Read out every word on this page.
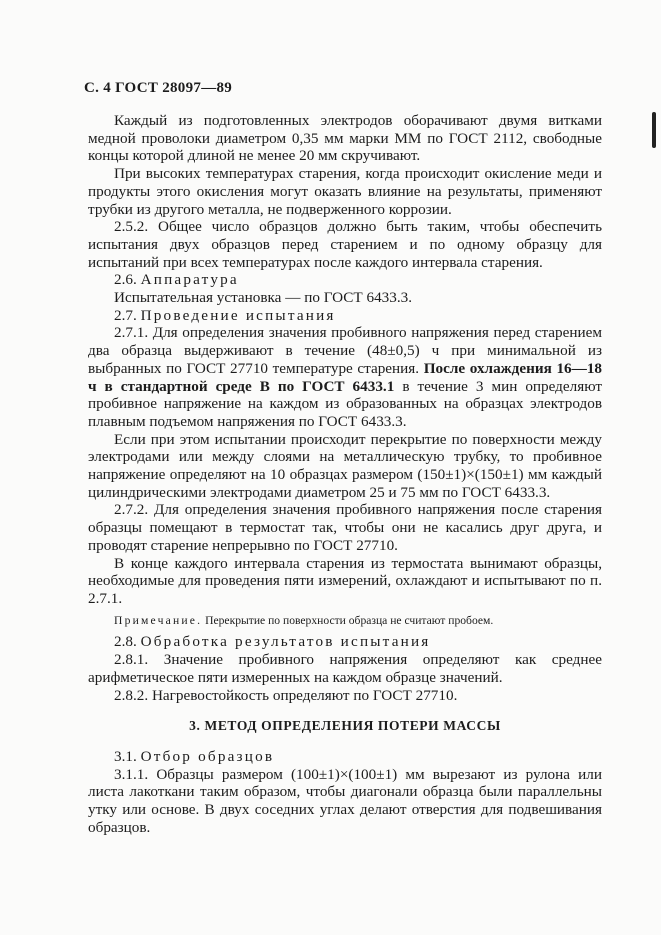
С. 4 ГОСТ 28097—89

Каждый из подготовленных электродов оборачивают двумя витками медной проволоки диаметром 0,35 мм марки ММ по ГОСТ 2112, свободные концы которой длиной не менее 20 мм скручивают.

При высоких температурах старения, когда происходит окисление меди и продукты этого окисления могут оказать влияние на результаты, применяют трубки из другого металла, не подверженного коррозии.

2.5.2. Общее число образцов должно быть таким, чтобы обеспечить испытания двух образцов перед старением и по одному образцу для испытаний при всех температурах после каждого интервала старения.

2.6. Аппаратура

Испытательная установка — по ГОСТ 6433.3.

2.7. Проведение испытания

2.7.1. Для определения значения пробивного напряжения перед старением два образца выдерживают в течение (48±0,5) ч при минимальной из выбранных по ГОСТ 27710 температуре старения. После охлаждения 16—18 ч в стандартной среде В по ГОСТ 6433.1 в течение 3 мин определяют пробивное напряжение на каждом из образованных на образцах электродов плавным подъемом напряжения по ГОСТ 6433.3.

Если при этом испытании происходит перекрытие по поверхности между электродами или между слоями на металлическую трубку, то пробивное напряжение определяют на 10 образцах размером (150±1)×(150±1) мм каждый цилиндрическими электродами диаметром 25 и 75 мм по ГОСТ 6433.3.

2.7.2. Для определения значения пробивного напряжения после старения образцы помещают в термостат так, чтобы они не касались друг друга, и проводят старение непрерывно по ГОСТ 27710.

В конце каждого интервала старения из термостата вынимают образцы, необходимые для проведения пяти измерений, охлаждают и испытывают по п. 2.7.1.

Примечание. Перекрытие по поверхности образца не считают пробоем.

2.8. Обработка результатов испытания

2.8.1. Значение пробивного напряжения определяют как среднее арифметическое пяти измеренных на каждом образце значений.

2.8.2. Нагревостойкость определяют по ГОСТ 27710.

3. МЕТОД ОПРЕДЕЛЕНИЯ ПОТЕРИ МАССЫ

3.1. Отбор образцов

3.1.1. Образцы размером (100±1)×(100±1) мм вырезают из рулона или листа лакоткани таким образом, чтобы диагонали образца были параллельны утку или основе. В двух соседних углах делают отверстия для подвешивания образцов.
